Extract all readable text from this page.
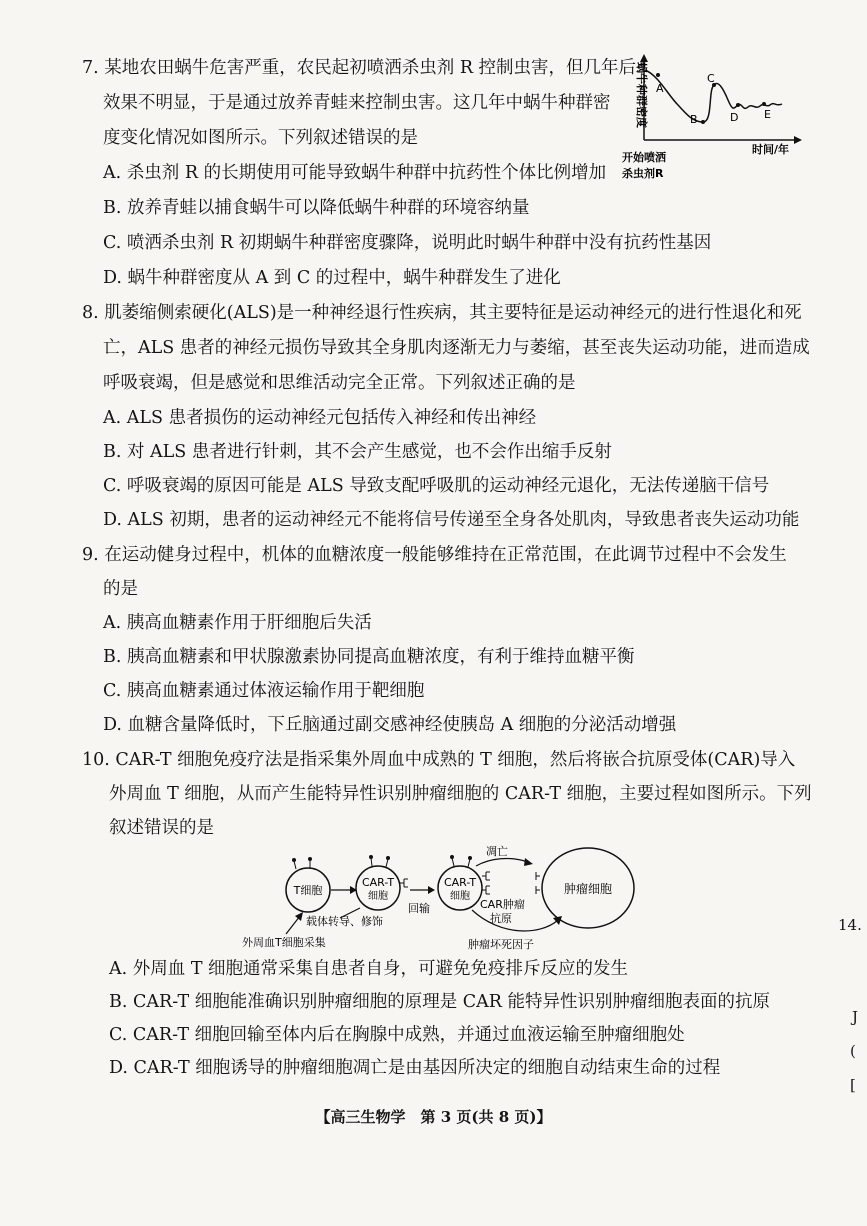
7. 某地农田蜗牛危害严重，农民起初喷洒杀虫剂 R 控制虫害，但几年后
效果不明显，于是通过放养青蛙来控制虫害。这几年中蜗牛种群密
度变化情况如图所示。下列叙述错误的是
A. 杀虫剂 R 的长期使用可能导致蜗牛种群中抗药性个体比例增加
B. 放养青蛙以捕食蜗牛可以降低蜗牛种群的环境容纳量
C. 喷洒杀虫剂 R 初期蜗牛种群密度骤降，说明此时蜗牛种群中没有抗药性基因
D. 蜗牛种群密度从 A 到 C 的过程中，蜗牛种群发生了进化
A
B
C
D E
蜗牛种群密度
时间/年
开始喷洒
杀虫剂R
8. 肌萎缩侧索硬化(ALS)是一种神经退行性疾病，其主要特征是运动神经元的进行性退化和死
亡，ALS 患者的神经元损伤导致其全身肌肉逐渐无力与萎缩，甚至丧失运动功能，进而造成
呼吸衰竭，但是感觉和思维活动完全正常。下列叙述正确的是
A. ALS 患者损伤的运动神经元包括传入神经和传出神经
B. 对 ALS 患者进行针刺，其不会产生感觉，也不会作出缩手反射
C. 呼吸衰竭的原因可能是 ALS 导致支配呼吸肌的运动神经元退化，无法传递脑干信号
D. ALS 初期，患者的运动神经元不能将信号传递至全身各处肌肉，导致患者丧失运动功能
9. 在运动健身过程中，机体的血糖浓度一般能够维持在正常范围，在此调节过程中不会发生
的是
A. 胰高血糖素作用于肝细胞后失活
B. 胰高血糖素和甲状腺激素协同提高血糖浓度，有利于维持血糖平衡
C. 胰高血糖素通过体液运输作用于靶细胞
D. 血糖含量降低时，下丘脑通过副交感神经使胰岛 A 细胞的分泌活动增强
10. CAR-T 细胞免疫疗法是指采集外周血中成熟的 T 细胞，然后将嵌合抗原受体(CAR)导入
外周血 T 细胞，从而产生能特异性识别肿瘤细胞的 CAR-T 细胞，主要过程如图所示。下列
叙述错误的是
T细胞
CAR-T
细胞
CAR-T
细胞
肿瘤细胞
凋亡
CAR肿瘤
抗原
载体转导、修饰
回输
肿瘤坏死因子
外周血T细胞采集
A. 外周血 T 细胞通常采集自患者自身，可避免免疫排斥反应的发生
B. CAR-T 细胞能准确识别肿瘤细胞的原理是 CAR 能特异性识别肿瘤细胞表面的抗原
C. CAR-T 细胞回输至体内后在胸腺中成熟，并通过血液运输至肿瘤细胞处
D. CAR-T 细胞诱导的肿瘤细胞凋亡是由基因所决定的细胞自动结束生命的过程
【高三生物学　第 3 页(共 8 页)】
14.
J
(
[
